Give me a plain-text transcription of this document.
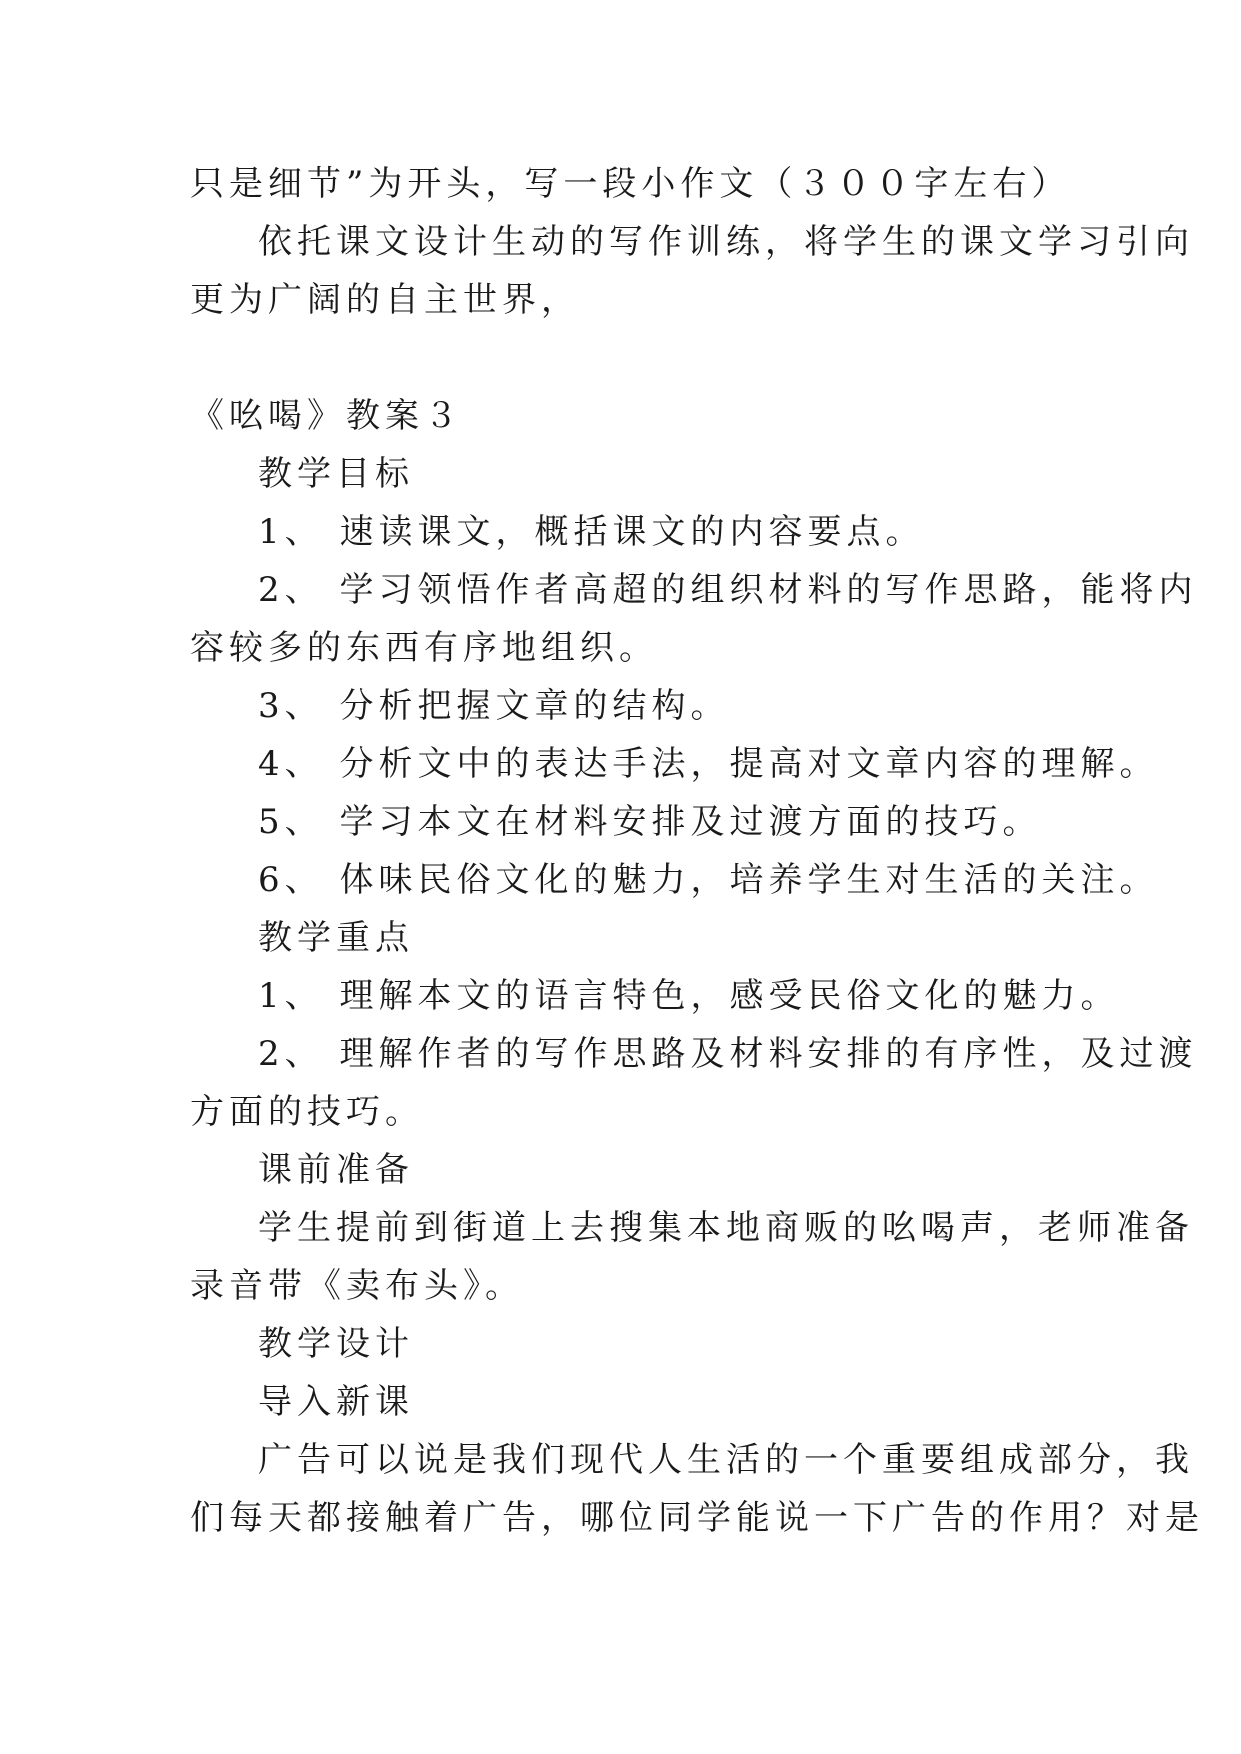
只是细节”为开头，写一段小作文（３００字左右）
依托课文设计生动的写作训练，将学生的课文学习引向
更为广阔的自主世界，
《吆喝》教案３
教学目标
1、 速读课文，概括课文的内容要点。
2、 学习领悟作者高超的组织材料的写作思路，能将内
容较多的东西有序地组织。
3、 分析把握文章的结构。
4、 分析文中的表达手法，提高对文章内容的理解。
5、 学习本文在材料安排及过渡方面的技巧。
6、 体味民俗文化的魅力，培养学生对生活的关注。
教学重点
1、 理解本文的语言特色，感受民俗文化的魅力。
2、 理解作者的写作思路及材料安排的有序性，及过渡
方面的技巧。
课前准备
学生提前到街道上去搜集本地商贩的吆喝声，老师准备
录音带《卖布头》。
教学设计
导入新课
广告可以说是我们现代人生活的一个重要组成部分，我
们每天都接触着广告，哪位同学能说一下广告的作用？对是
